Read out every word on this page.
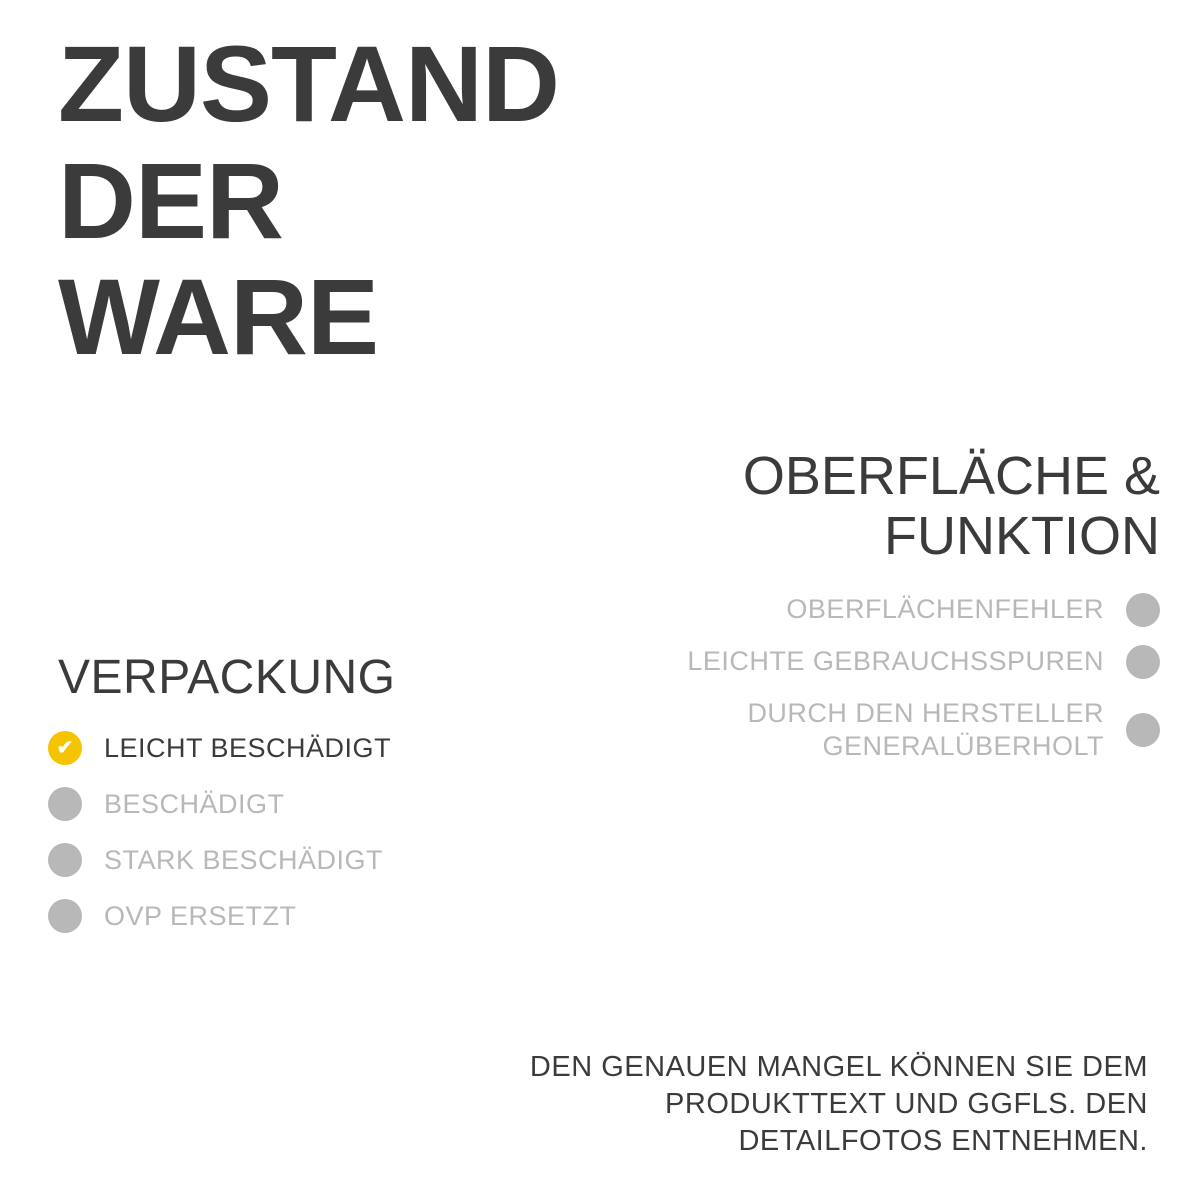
ZUSTAND
DER
WARE
OBERFLÄCHE &
FUNKTION
OBERFLÄCHENFEHLER
LEICHTE GEBRAUCHSSPUREN
DURCH DEN HERSTELLER GENERALÜBERHOLT
VERPACKUNG
✔	LEICHT BESCHÄDIGT
BESCHÄDIGT
STARK BESCHÄDIGT
OVP ERSETZT
DEN GENAUEN MANGEL KÖNNEN SIE DEM PRODUKTTEXT UND GGFLS. DEN DETAILFOTOS ENTNEHMEN.
